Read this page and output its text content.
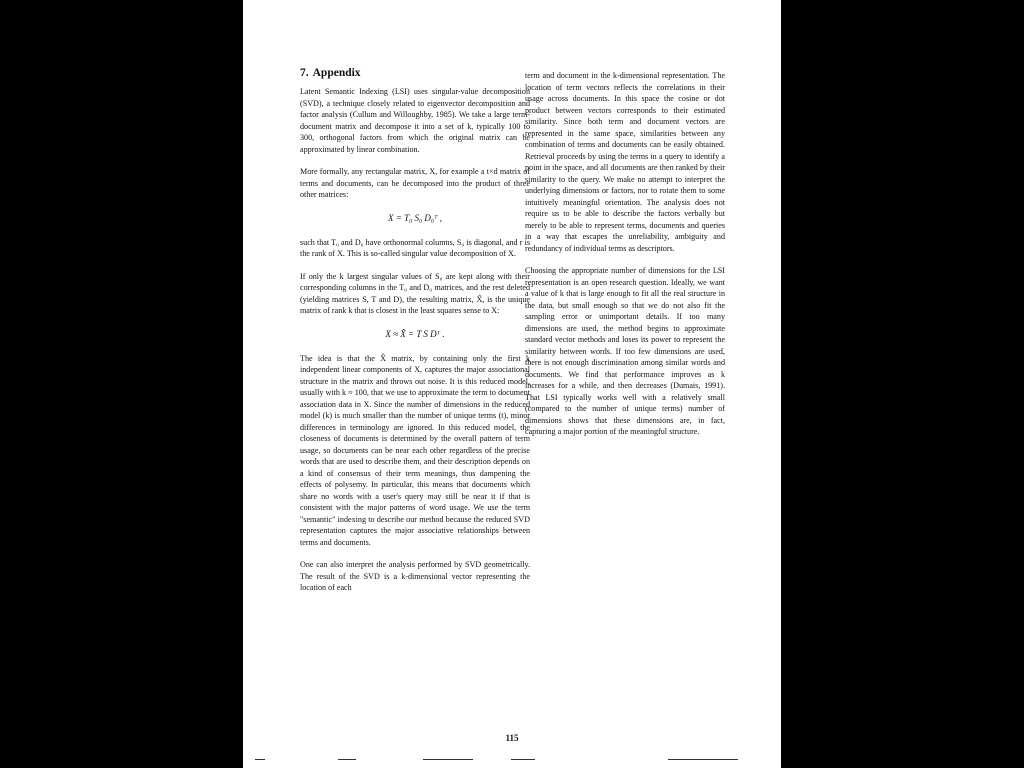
7. Appendix

Latent Semantic Indexing (LSI) uses singular-value decomposition (SVD), a technique closely related to eigenvector decomposition and factor analysis (Cullum and Willoughby, 1985). We take a large term-document matrix and decompose it into a set of k, typically 100 to 300, orthogonal factors from which the original matrix can be approximated by linear combination.

More formally, any rectangular matrix, X, for example a t×d matrix of terms and documents, can be decomposed into the product of three other matrices:

X = T₀ S₀ D₀ᵀ ,

such that T₀ and D₀ have orthonormal columns, S₀ is diagonal, and r is the rank of X. This is so-called singular value decomposition of X.

If only the k largest singular values of S₀ are kept along with their corresponding columns in the T₀ and D₀ matrices, and the rest deleted (yielding matrices S, T and D), the resulting matrix, X̂, is the unique matrix of rank k that is closest in the least squares sense to X:

X ≈ X̂ = T S Dᵀ .

The idea is that the X̂ matrix, by containing only the first k independent linear components of X, captures the major associational structure in the matrix and throws out noise. It is this reduced model, usually with k ≈ 100, that we use to approximate the term to document association data in X. Since the number of dimensions in the reduced model (k) is much smaller than the number of unique terms (t), minor differences in terminology are ignored. In this reduced model, the closeness of documents is determined by the overall pattern of term usage, so documents can be near each other regardless of the precise words that are used to describe them, and their description depends on a kind of consensus of their term meanings, thus dampening the effects of polysemy. In particular, this means that documents which share no words with a user's query may still be near it if that is consistent with the major patterns of word usage. We use the term "semantic" indexing to describe our method because the reduced SVD representation captures the major associative relationships between terms and documents.

One can also interpret the analysis performed by SVD geometrically. The result of the SVD is a k-dimensional vector representing the location of each

term and document in the k-dimensional representation. The location of term vectors reflects the correlations in their usage across documents. In this space the cosine or dot product between vectors corresponds to their estimated similarity. Since both term and document vectors are represented in the same space, similarities between any combination of terms and documents can be easily obtained. Retrieval proceeds by using the terms in a query to identify a point in the space, and all documents are then ranked by their similarity to the query. We make no attempt to interpret the underlying dimensions or factors, nor to rotate them to some intuitively meaningful orientation. The analysis does not require us to be able to describe the factors verbally but merely to be able to represent terms, documents and queries in a way that escapes the unreliability, ambiguity and redundancy of individual terms as descriptors.

Choosing the appropriate number of dimensions for the LSI representation is an open research question. Ideally, we want a value of k that is large enough to fit all the real structure in the data, but small enough so that we do not also fit the sampling error or unimportant details. If too many dimensions are used, the method begins to approximate standard vector methods and loses its power to represent the similarity between words. If too few dimensions are used, there is not enough discrimination among similar words and documents. We find that performance improves as k increases for a while, and then decreases (Dumais, 1991). That LSI typically works well with a relatively small (compared to the number of unique terms) number of dimensions shows that these dimensions are, in fact, capturing a major portion of the meaningful structure.

115
